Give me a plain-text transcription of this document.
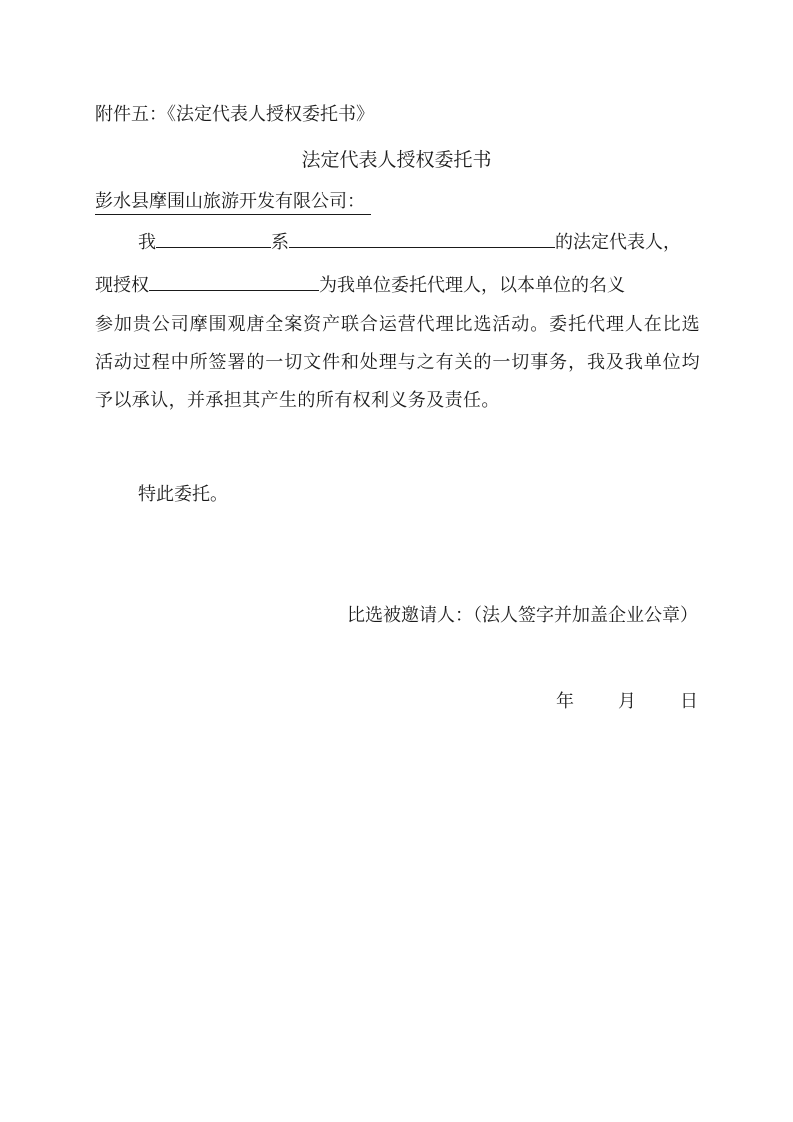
附件五：《法定代表人授权委托书》
法定代表人授权委托书
彭水县摩围山旅游开发有限公司：
我	系	的法定代表人，
现授权	为我单位委托代理人，以本单位的名义
参加贵公司摩围观唐全案资产联合运营代理比选活动。委托代理人在比选活动过程中所签署的一切文件和处理与之有关的一切事务，我及我单位均予以承认，并承担其产生的所有权利义务及责任。
特此委托。
比选被邀请人：（法人签字并加盖企业公章）
年 月 日
